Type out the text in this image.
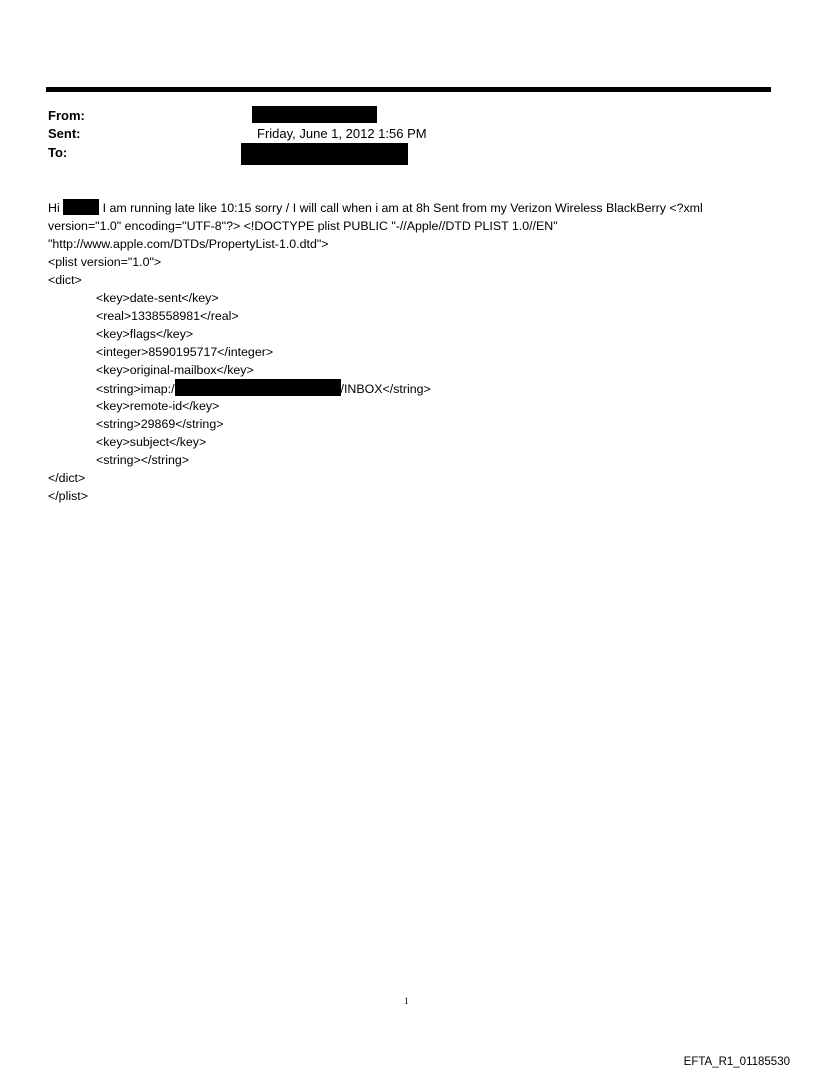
From:
Sent:	Friday, June 1, 2012 1:56 PM
To:
Hi	I am running late like 10:15 sorry / I will call when i am at 8h Sent from my Verizon Wireless BlackBerry <?xml
version="1.0" encoding="UTF-8"?> <!DOCTYPE plist PUBLIC "-//Apple//DTD PLIST 1.0//EN"
"http://www.apple.com/DTDs/PropertyList-1.0.dtd">
<plist version="1.0">
<dict>
<key>date-sent</key>
<real>1338558981</real>
<key>flags</key>
<integer>8590195717</integer>
<key>original-mailbox</key>
<string>imap:/	/INBOX</string>
<key>remote-id</key>
<string>29869</string>
<key>subject</key>
<string></string>
</dict>
</plist>
1
EFTA_R1_01185530
